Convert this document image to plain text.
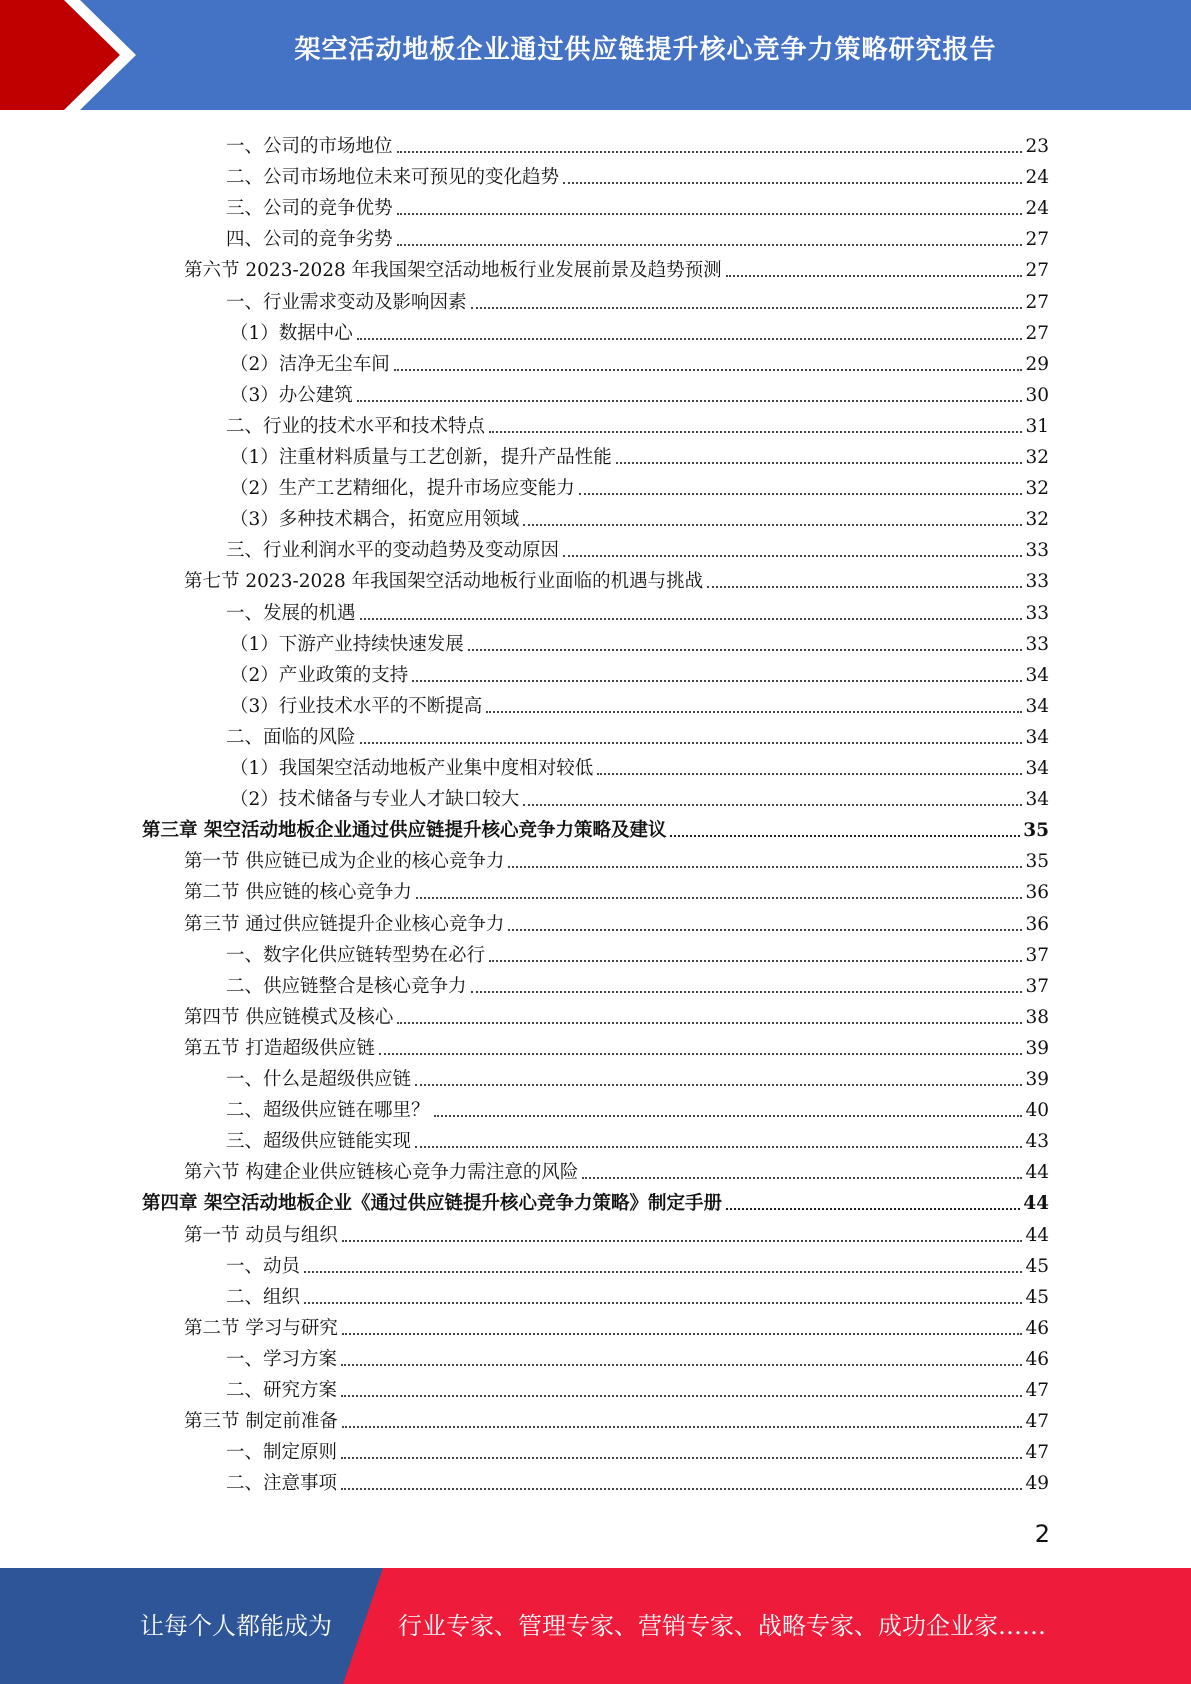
架空活动地板企业通过供应链提升核心竞争力策略研究报告
一、公司的市场地位	23
二、公司市场地位未来可预见的变化趋势	24
三、公司的竞争优势	24
四、公司的竞争劣势	27
第六节 2023-2028 年我国架空活动地板行业发展前景及趋势预测	27
一、行业需求变动及影响因素	27
（1）数据中心	27
（2）洁净无尘车间	29
（3）办公建筑	30
二、行业的技术水平和技术特点	31
（1）注重材料质量与工艺创新，提升产品性能	32
（2）生产工艺精细化，提升市场应变能力	32
（3）多种技术耦合，拓宽应用领域	32
三、行业利润水平的变动趋势及变动原因	33
第七节 2023-2028 年我国架空活动地板行业面临的机遇与挑战	33
一、发展的机遇	33
（1）下游产业持续快速发展	33
（2）产业政策的支持	34
（3）行业技术水平的不断提高	34
二、面临的风险	34
（1）我国架空活动地板产业集中度相对较低	34
（2）技术储备与专业人才缺口较大	34
第三章 架空活动地板企业通过供应链提升核心竞争力策略及建议	35
第一节 供应链已成为企业的核心竞争力	35
第二节 供应链的核心竞争力	36
第三节 通过供应链提升企业核心竞争力	36
一、数字化供应链转型势在必行	37
二、供应链整合是核心竞争力	37
第四节 供应链模式及核心	38
第五节 打造超级供应链	39
一、什么是超级供应链	39
二、超级供应链在哪里？	40
三、超级供应链能实现	43
第六节 构建企业供应链核心竞争力需注意的风险	44
第四章 架空活动地板企业《通过供应链提升核心竞争力策略》制定手册	44
第一节 动员与组织	44
一、动员	45
二、组织	45
第二节 学习与研究	46
一、学习方案	46
二、研究方案	47
第三节 制定前准备	47
一、制定原则	47
二、注意事项	49
2
让每个人都能成为	行业专家、管理专家、营销专家、战略专家、成功企业家……
